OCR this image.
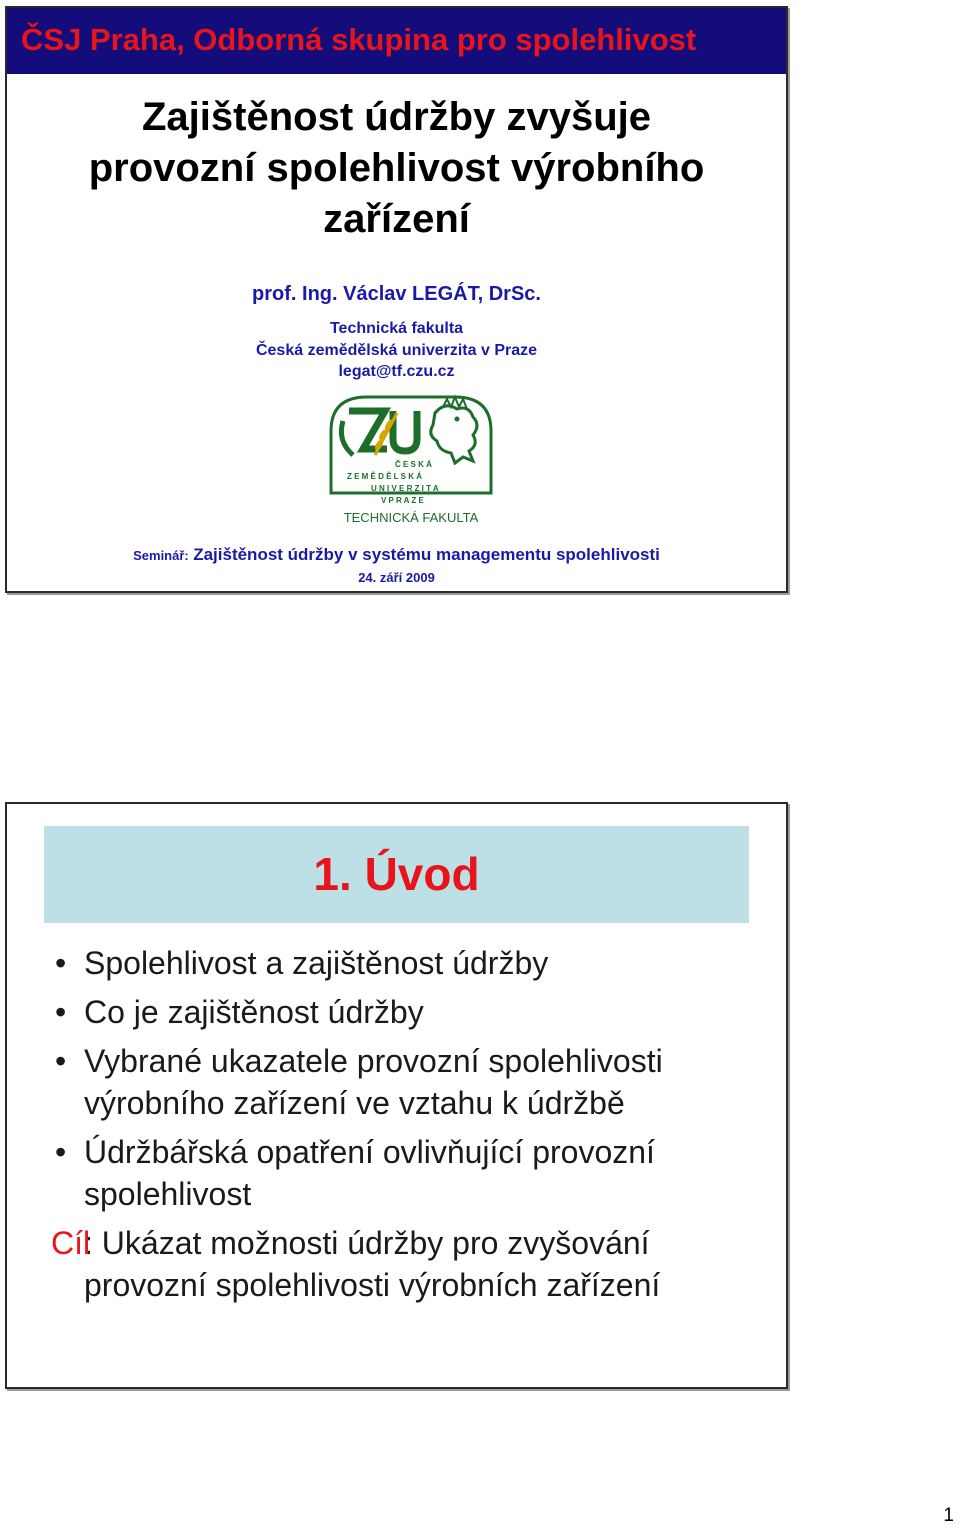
ČSJ Praha, Odborná skupina pro spolehlivost
Zajištěnost údržby zvyšuje
provozní spolehlivost výrobního
zařízení
prof. Ing. Václav LEGÁT, DrSc.
Technická fakulta
Česká zemědělská univerzita v Praze
legat@tf.czu.cz
Č E S K Á
Z E M Ě D Ě L S K Á
U N I V E R Z I T A
V P R A Z E
TECHNICKÁ FAKULTA
Seminář: Zajištěnost údržby v systému managementu spolehlivosti
24. září 2009
1. Úvod
• Spolehlivost a zajištěnost údržby
• Co je zajištěnost údržby
• Vybrané ukazatele provozní spolehlivosti výrobního zařízení ve vztahu k údržbě
• Údržbářská opatření ovlivňující provozní spolehlivost
Cíl
: Ukázat možnosti údržby pro zvyšování provozní spolehlivosti výrobních zařízení
1
